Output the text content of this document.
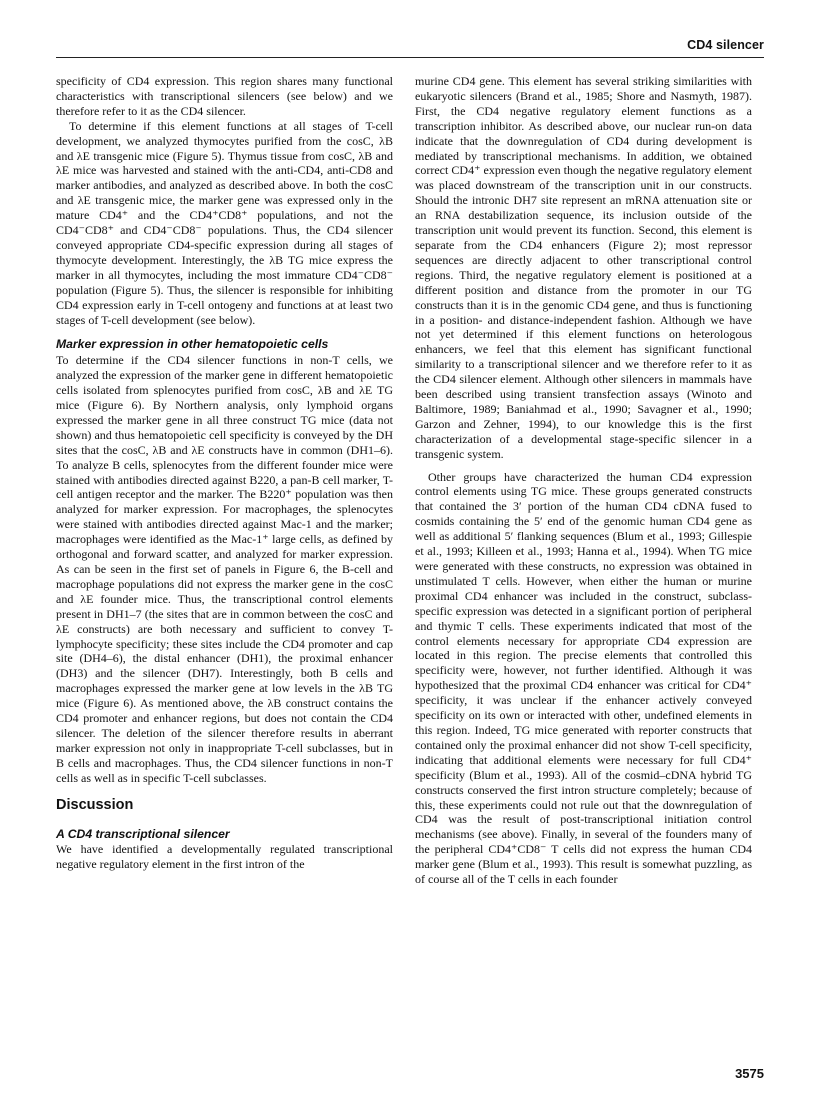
CD4 silencer

specificity of CD4 expression. This region shares many functional characteristics with transcriptional silencers (see below) and we therefore refer to it as the CD4 silencer.

To determine if this element functions at all stages of T-cell development, we analyzed thymocytes purified from the cosC, λB and λE transgenic mice (Figure 5). Thymus tissue from cosC, λB and λE mice was harvested and stained with the anti-CD4, anti-CD8 and marker antibodies, and analyzed as described above. In both the cosC and λE transgenic mice, the marker gene was expressed only in the mature CD4⁺ and the CD4⁺CD8⁺ populations, and not the CD4⁻CD8⁺ and CD4⁻CD8⁻ populations. Thus, the CD4 silencer conveyed appropriate CD4-specific expression during all stages of thymocyte development. Interestingly, the λB TG mice express the marker in all thymocytes, including the most immature CD4⁻CD8⁻ population (Figure 5). Thus, the silencer is responsible for inhibiting CD4 expression early in T-cell ontogeny and functions at at least two stages of T-cell development (see below).

Marker expression in other hematopoietic cells

To determine if the CD4 silencer functions in non-T cells, we analyzed the expression of the marker gene in different hematopoietic cells isolated from splenocytes purified from cosC, λB and λE TG mice (Figure 6). By Northern analysis, only lymphoid organs expressed the marker gene in all three construct TG mice (data not shown) and thus hematopoietic cell specificity is conveyed by the DH sites that the cosC, λB and λE constructs have in common (DH1–6). To analyze B cells, splenocytes from the different founder mice were stained with antibodies directed against B220, a pan-B cell marker, T-cell antigen receptor and the marker. The B220⁺ population was then analyzed for marker expression. For macrophages, the splenocytes were stained with antibodies directed against Mac-1 and the marker; macrophages were identified as the Mac-1⁺ large cells, as defined by orthogonal and forward scatter, and analyzed for marker expression. As can be seen in the first set of panels in Figure 6, the B-cell and macrophage populations did not express the marker gene in the cosC and λE founder mice. Thus, the transcriptional control elements present in DH1–7 (the sites that are in common between the cosC and λE constructs) are both necessary and sufficient to convey T-lymphocyte specificity; these sites include the CD4 promoter and cap site (DH4–6), the distal enhancer (DH1), the proximal enhancer (DH3) and the silencer (DH7). Interestingly, both B cells and macrophages expressed the marker gene at low levels in the λB TG mice (Figure 6). As mentioned above, the λB construct contains the CD4 promoter and enhancer regions, but does not contain the CD4 silencer. The deletion of the silencer therefore results in aberrant marker expression not only in inappropriate T-cell subclasses, but in B cells and macrophages. Thus, the CD4 silencer functions in non-T cells as well as in specific T-cell subclasses.

Discussion
A CD4 transcriptional silencer

We have identified a developmentally regulated transcriptional negative regulatory element in the first intron of the

murine CD4 gene. This element has several striking similarities with eukaryotic silencers (Brand et al., 1985; Shore and Nasmyth, 1987). First, the CD4 negative regulatory element functions as a transcription inhibitor. As described above, our nuclear run-on data indicate that the downregulation of CD4 during development is mediated by transcriptional mechanisms. In addition, we obtained correct CD4⁺ expression even though the negative regulatory element was placed downstream of the transcription unit in our constructs. Should the intronic DH7 site represent an mRNA attenuation site or an RNA destabilization sequence, its inclusion outside of the transcription unit would prevent its function. Second, this element is separate from the CD4 enhancers (Figure 2); most repressor sequences are directly adjacent to other transcriptional control regions. Third, the negative regulatory element is positioned at a different position and distance from the promoter in our TG constructs than it is in the genomic CD4 gene, and thus is functioning in a position- and distance-independent fashion. Although we have not yet determined if this element functions on heterologous enhancers, we feel that this element has significant functional similarity to a transcriptional silencer and we therefore refer to it as the CD4 silencer element. Although other silencers in mammals have been described using transient transfection assays (Winoto and Baltimore, 1989; Baniahmad et al., 1990; Savagner et al., 1990; Garzon and Zehner, 1994), to our knowledge this is the first characterization of a developmental stage-specific silencer in a transgenic system.

Other groups have characterized the human CD4 expression control elements using TG mice. These groups generated constructs that contained the 3′ portion of the human CD4 cDNA fused to cosmids containing the 5′ end of the genomic human CD4 gene as well as additional 5′ flanking sequences (Blum et al., 1993; Gillespie et al., 1993; Killeen et al., 1993; Hanna et al., 1994). When TG mice were generated with these constructs, no expression was obtained in unstimulated T cells. However, when either the human or murine proximal CD4 enhancer was included in the construct, subclass-specific expression was detected in a significant portion of peripheral and thymic T cells. These experiments indicated that most of the control elements necessary for appropriate CD4 expression are located in this region. The precise elements that controlled this specificity were, however, not further identified. Although it was hypothesized that the proximal CD4 enhancer was critical for CD4⁺ specificity, it was unclear if the enhancer actively conveyed specificity on its own or interacted with other, undefined elements in this region. Indeed, TG mice generated with reporter constructs that contained only the proximal enhancer did not show T-cell specificity, indicating that additional elements were necessary for full CD4⁺ specificity (Blum et al., 1993). All of the cosmid–cDNA hybrid TG constructs conserved the first intron structure completely; because of this, these experiments could not rule out that the downregulation of CD4 was the result of post-transcriptional initiation control mechanisms (see above). Finally, in several of the founders many of the peripheral CD4⁺CD8⁻ T cells did not express the human CD4 marker gene (Blum et al., 1993). This result is somewhat puzzling, as of course all of the T cells in each founder

3575
